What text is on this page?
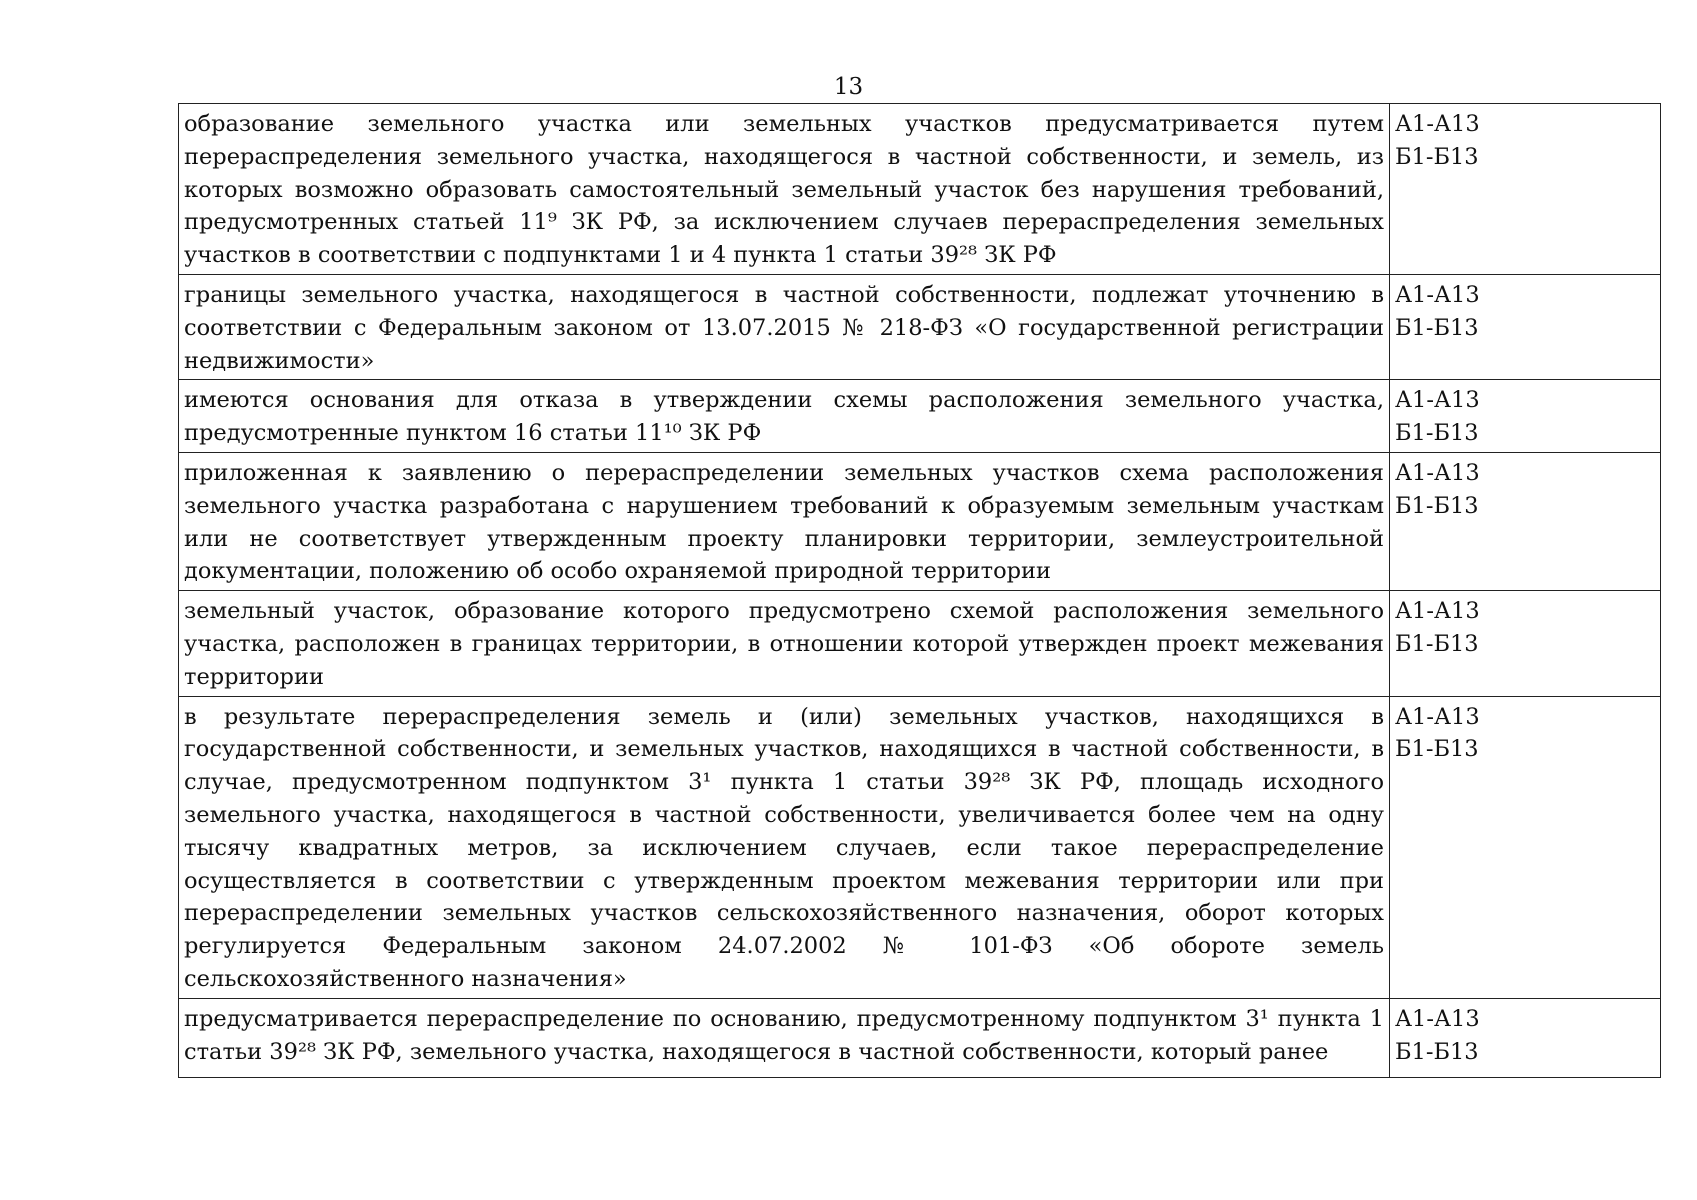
13
образование земельного участка или земельных участков предусматривается путем перераспределения земельного участка, находящегося в частной собственности, и земель, из которых возможно образовать самостоятельный земельный участок без нарушения требований, предусмотренных статьей 11⁹ ЗК РФ, за исключением случаев перераспределения земельных участков в соответствии с подпунктами 1 и 4 пункта 1 статьи 39²⁸ ЗК РФ	А1-А13
Б1-Б13

границы земельного участка, находящегося в частной собственности, подлежат уточнению в соответствии с Федеральным законом от 13.07.2015 № 218-ФЗ «О государственной регистрации недвижимости»	А1-А13
Б1-Б13

имеются основания для отказа в утверждении схемы расположения земельного участка, предусмотренные пунктом 16 статьи 11¹⁰ ЗК РФ	А1-А13
Б1-Б13

приложенная к заявлению о перераспределении земельных участков схема расположения земельного участка разработана с нарушением требований к образуемым земельным участкам или не соответствует утвержденным проекту планировки территории, землеустроительной документации, положению об особо охраняемой природной территории	А1-А13
Б1-Б13

земельный участок, образование которого предусмотрено схемой расположения земельного участка, расположен в границах территории, в отношении которой утвержден проект межевания территории	А1-А13
Б1-Б13

в результате перераспределения земель и (или) земельных участков, находящихся в государственной собственности, и земельных участков, находящихся в частной собственности, в случае, предусмотренном подпунктом 3¹ пункта 1 статьи 39²⁸ ЗК РФ, площадь исходного земельного участка, находящегося в частной собственности, увеличивается более чем на одну тысячу квадратных метров, за исключением случаев, если такое перераспределение осуществляется в соответствии с утвержденным проектом межевания территории или при перераспределении земельных участков сельскохозяйственного назначения, оборот которых регулируется Федеральным законом 24.07.2002 № 101-ФЗ «Об обороте земель сельскохозяйственного назначения»	А1-А13
Б1-Б13

предусматривается перераспределение по основанию, предусмотренному подпунктом 3¹ пункта 1 статьи 39²⁸ ЗК РФ, земельного участка, находящегося в частной собственности, который ранее	А1-А13
Б1-Б13
